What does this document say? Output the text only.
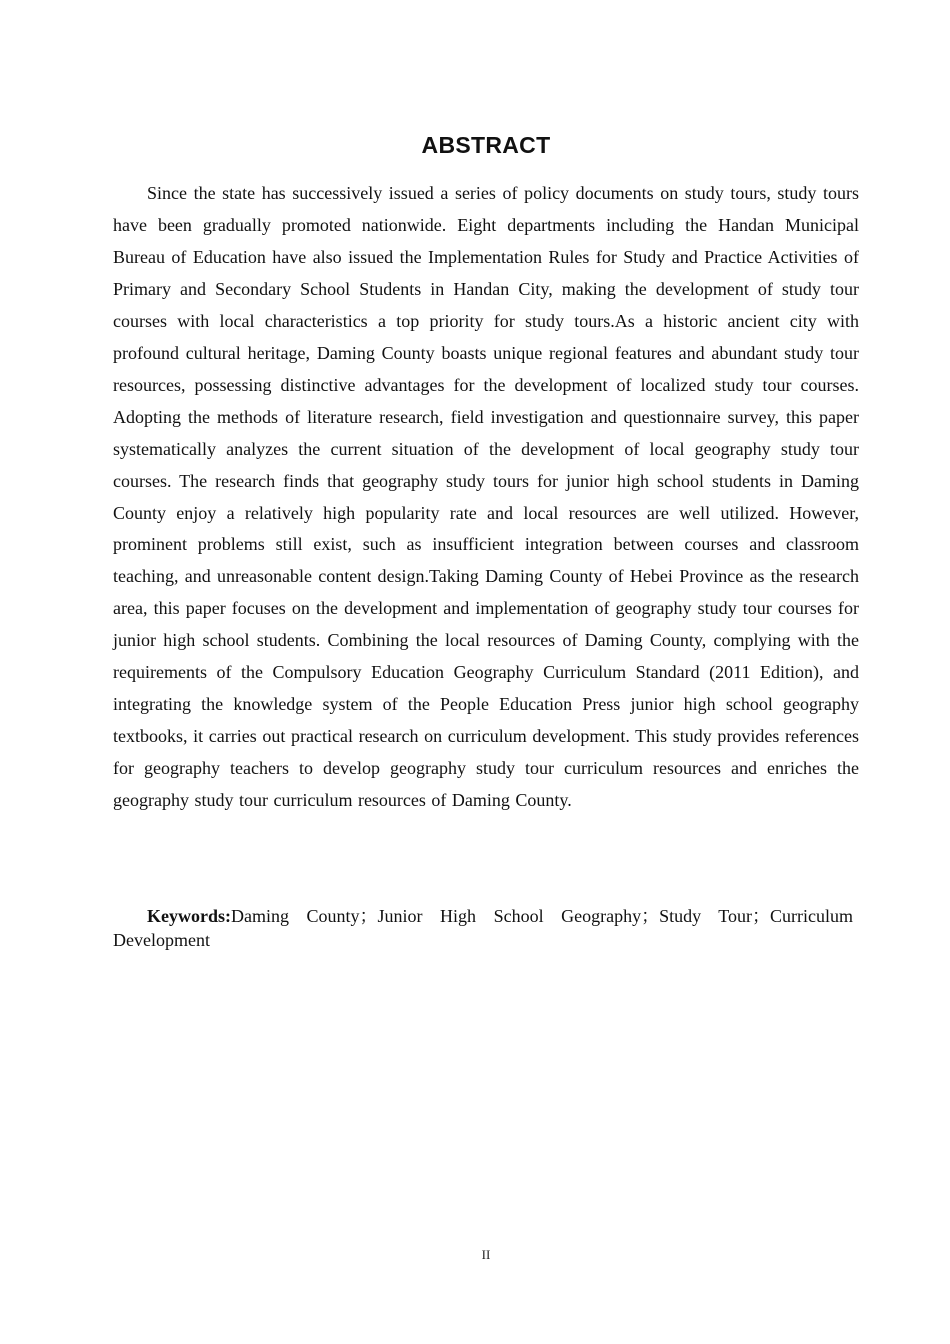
ABSTRACT

Since the state has successively issued a series of policy documents on study tours, study tours have been gradually promoted nationwide. Eight departments including the Handan Municipal Bureau of Education have also issued the Implementation Rules for Study and Practice Activities of Primary and Secondary School Students in Handan City, making the development of study tour courses with local characteristics a top priority for study tours.As a historic ancient city with profound cultural heritage, Daming County boasts unique regional features and abundant study tour resources, possessing distinctive advantages for the development of localized study tour courses. Adopting the methods of literature research, field investigation and questionnaire survey, this paper systematically analyzes the current situation of the development of local geography study tour courses. The research finds that geography study tours for junior high school students in Daming County enjoy a relatively high popularity rate and local resources are well utilized. However, prominent problems still exist, such as insufficient integration between courses and classroom teaching, and unreasonable content design.Taking Daming County of Hebei Province as the research area, this paper focuses on the development and implementation of geography study tour courses for junior high school students. Combining the local resources of Daming County, complying with the requirements of the Compulsory Education Geography Curriculum Standard (2011 Edition), and integrating the knowledge system of the People Education Press junior high school geography textbooks, it carries out practical research on curriculum development. This study provides references for geography teachers to develop geography study tour curriculum resources and enriches the geography study tour curriculum resources of Daming County.

Keywords:Daming County；Junior High School Geography；Study Tour；Curriculum Development

II
